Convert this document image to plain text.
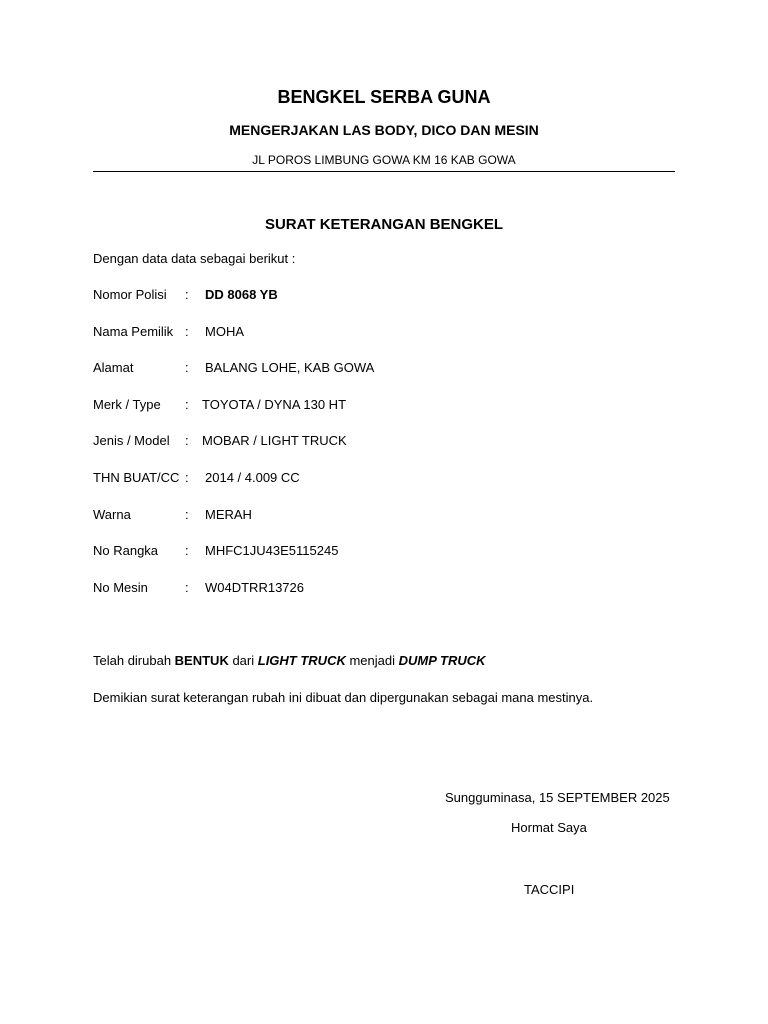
BENGKEL SERBA GUNA
MENGERJAKAN LAS BODY, DICO DAN MESIN
JL POROS LIMBUNG GOWA KM 16 KAB GOWA
SURAT KETERANGAN BENGKEL
Dengan data data sebagai berikut :
Nomor Polisi : DD 8068 YB
Nama Pemilik : MOHA
Alamat	: BALANG LOHE, KAB GOWA
Merk / Type : TOYOTA / DYNA 130 HT
Jenis / Model : MOBAR / LIGHT TRUCK
THN BUAT/CC : 2014 / 4.009 CC
Warna	: MERAH
No Rangka : MHFC1JU43E5115245
No Mesin	: W04DTRR13726
Telah dirubah BENTUK dari LIGHT TRUCK menjadi DUMP TRUCK
Demikian surat keterangan rubah ini dibuat dan dipergunakan sebagai mana mestinya.
Sungguminasa, 15 SEPTEMBER 2025
Hormat Saya
TACCIPI
